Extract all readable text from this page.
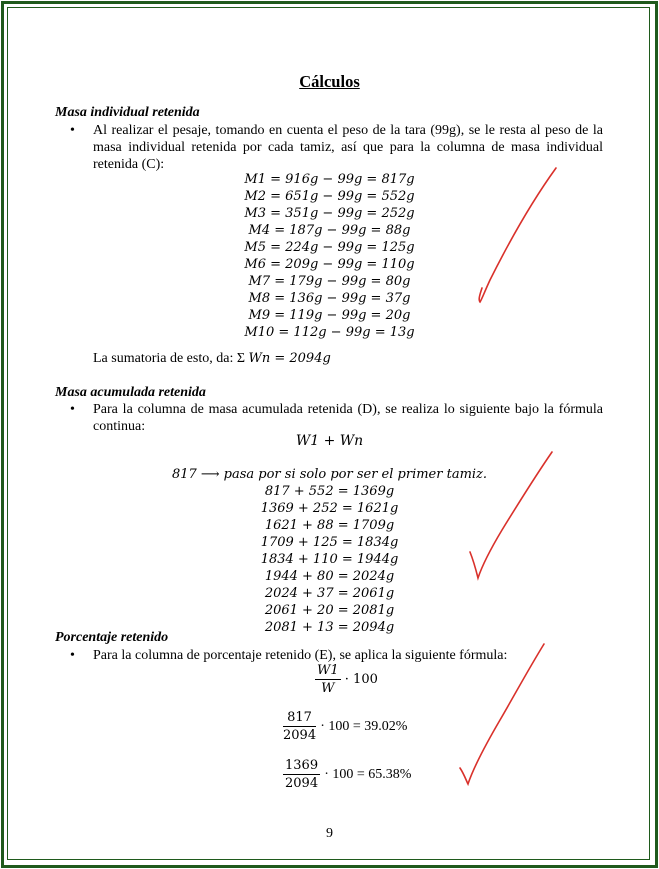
Cálculos
Masa individual retenida
• Al realizar el pesaje, tomando en cuenta el peso de la tara (99g), se le resta al peso de la masa individual retenida por cada tamiz, así que para la columna de masa individual retenida (C):
M1 = 916g − 99g = 817g
M2 = 651g − 99g = 552g
M3 = 351g − 99g = 252g
M4 = 187g − 99g = 88g
M5 = 224g − 99g = 125g
M6 = 209g − 99g = 110g
M7 = 179g − 99g = 80g
M8 = 136g − 99g = 37g
M9 = 119g − 99g = 20g
M10 = 112g − 99g = 13g
La sumatoria de esto, da: Σ Wn = 2094g
Masa acumulada retenida
• Para la columna de masa acumulada retenida (D), se realiza lo siguiente bajo la fórmula continua:
W1 + Wn
817 ⟶ pasa por si solo por ser el primer tamiz.
817 + 552 = 1369g
1369 + 252 = 1621g
1621 + 88 = 1709g
1709 + 125 = 1834g
1834 + 110 = 1944g
1944 + 80 = 2024g
2024 + 37 = 2061g
2061 + 20 = 2081g
2081 + 13 = 2094g
Porcentaje retenido
• Para la columna de porcentaje retenido (E), se aplica la siguiente fórmula:
$\frac{W1}{W} \cdot 100$
$\frac{817}{2094} \cdot 100 = 39.02\%$
$\frac{1369}{2094} \cdot 100 = 65.38\%$
9
